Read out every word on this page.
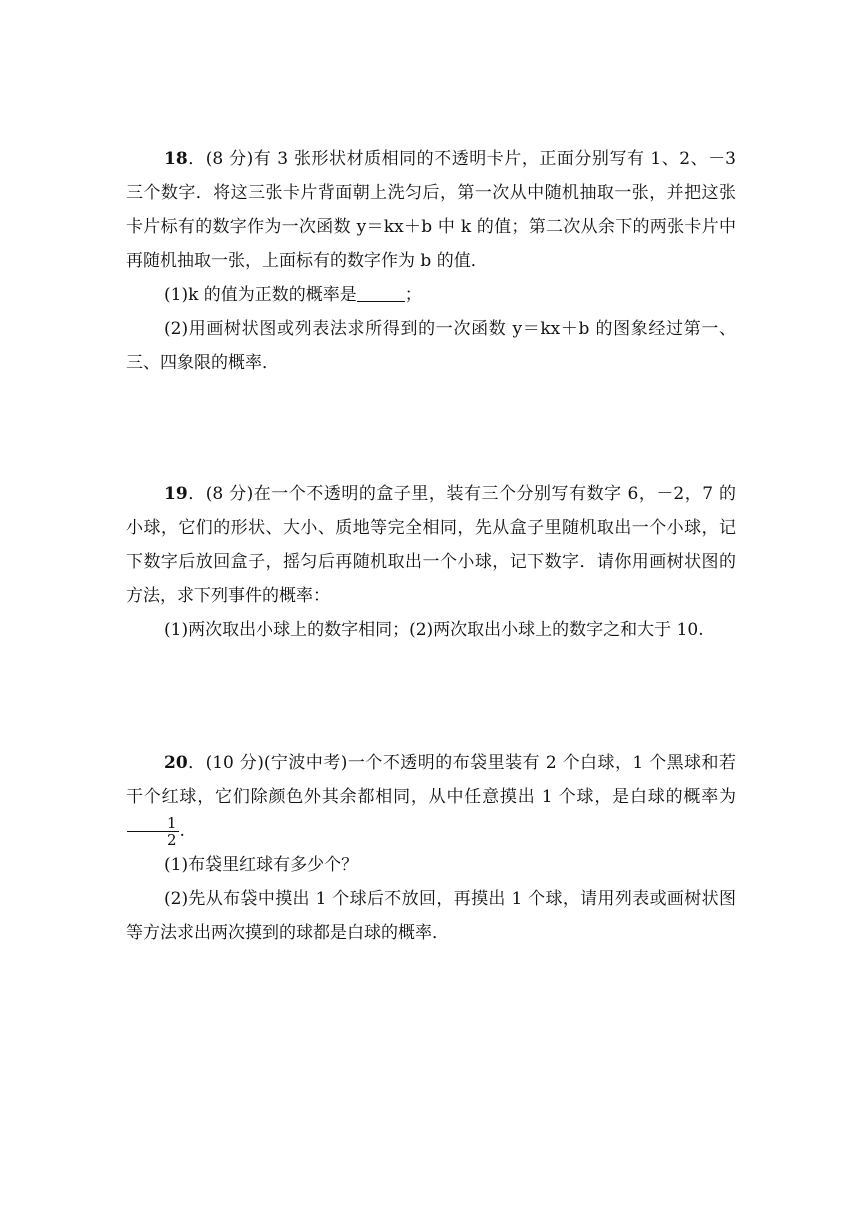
18．(8 分)有 3 张形状材质相同的不透明卡片，正面分别写有 1、2、－3 三个数字．将这三张卡片背面朝上洗匀后，第一次从中随机抽取一张，并把这张卡片标有的数字作为一次函数 y＝kx＋b 中 k 的值；第二次从余下的两张卡片中再随机抽取一张，上面标有的数字作为 b 的值．

(1)k 的值为正数的概率是	；

(2)用画树状图或列表法求所得到的一次函数 y＝kx＋b 的图象经过第一、三、四象限的概率．

19．(8 分)在一个不透明的盒子里，装有三个分别写有数字 6，－2，7 的小球，它们的形状、大小、质地等完全相同，先从盒子里随机取出一个小球，记下数字后放回盒子，摇匀后再随机取出一个小球，记下数字．请你用画树状图的方法，求下列事件的概率：

(1)两次取出小球上的数字相同；(2)两次取出小球上的数字之和大于 10.

20．(10 分)(宁波中考)一个不透明的布袋里装有 2 个白球，1 个黑球和若干个红球，它们除颜色外其余都相同，从中任意摸出 1 个球，是白球的概率为
$\frac{1}{2}$ .

(1)布袋里红球有多少个？

(2)先从布袋中摸出 1 个球后不放回，再摸出 1 个球，请用列表或画树状图等方法求出两次摸到的球都是白球的概率．
